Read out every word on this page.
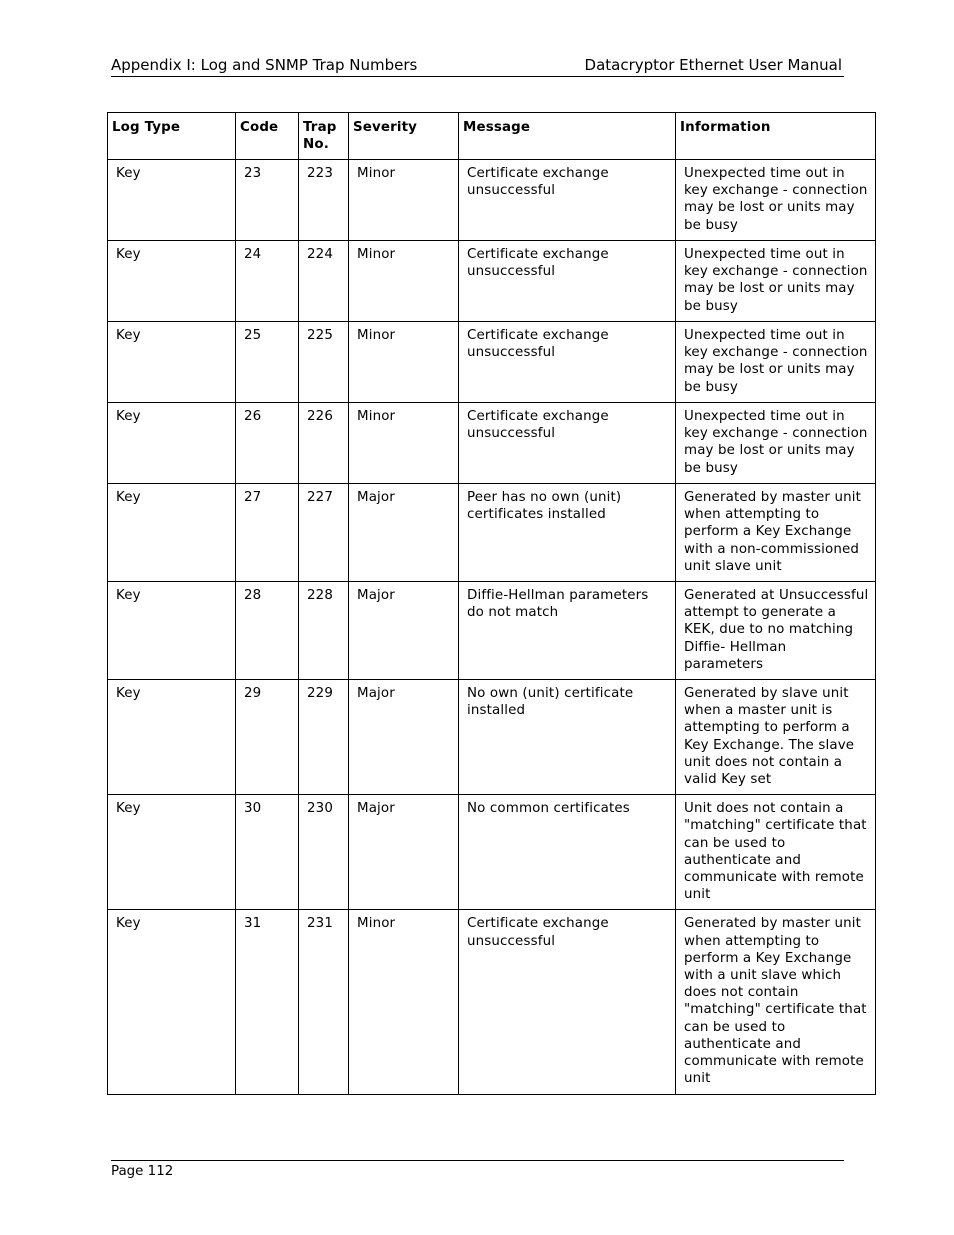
Appendix I: Log and SNMP Trap Numbers	Datacryptor Ethernet User Manual
Log Type	Code	Trap No.	Severity	Message	Information

Key	23	223	Minor	Certificate exchange unsuccessful	Unexpected time out in key exchange - connection may be lost or units may be busy

Key	24	224	Minor	Certificate exchange unsuccessful	Unexpected time out in key exchange - connection may be lost or units may be busy

Key	25	225	Minor	Certificate exchange unsuccessful	Unexpected time out in key exchange - connection may be lost or units may be busy

Key	26	226	Minor	Certificate exchange unsuccessful	Unexpected time out in key exchange - connection may be lost or units may be busy

Key	27	227	Major	Peer has no own (unit) certificates installed	Generated by master unit when attempting to perform a Key Exchange with a non-commissioned unit slave unit

Key	28	228	Major	Diffie-Hellman parameters do not match	Generated at Unsuccessful attempt to generate a KEK, due to no matching Diffie- Hellman parameters

Key	29	229	Major	No own (unit) certificate installed	Generated by slave unit when a master unit is attempting to perform a Key Exchange. The slave unit does not contain a valid Key set

Key	30	230	Major	No common certificates	Unit does not contain a "matching" certificate that can be used to authenticate and communicate with remote unit

Key	31	231	Minor	Certificate exchange unsuccessful	Generated by master unit when attempting to perform a Key Exchange with a unit slave which does not contain "matching" certificate that can be used to authenticate and communicate with remote unit
Page 112
